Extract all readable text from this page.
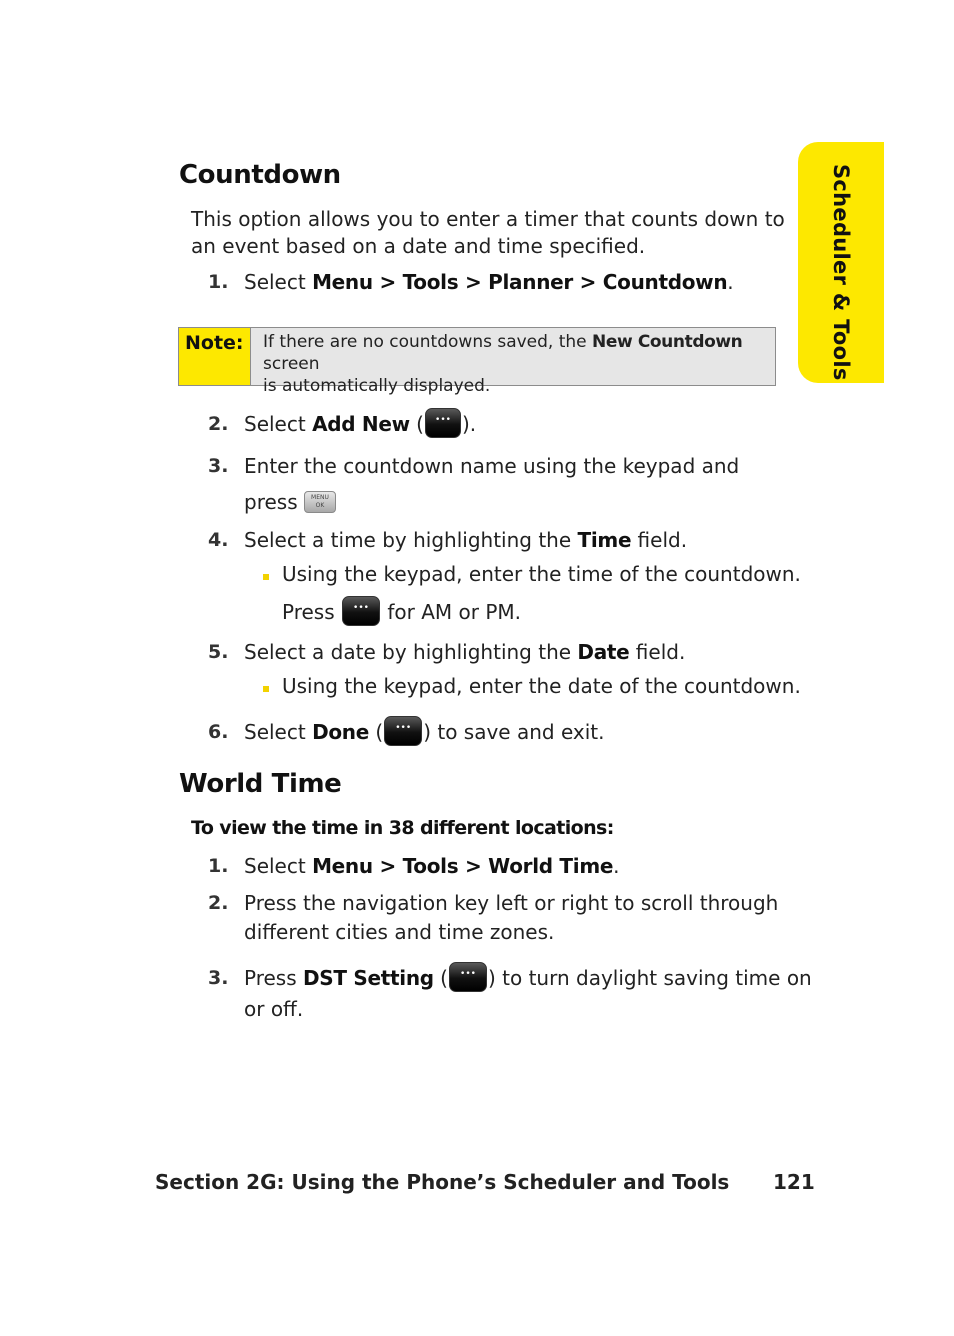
Scheduler & Tools
Countdown
This option allows you to enter a timer that counts down to
an event based on a date and time specified.
1. Select Menu > Tools > Planner > Countdown.
Note:	If there are no countdowns saved, the New Countdown screen
is automatically displayed.
2. Select Add New ( ••• ).
3. Enter the countdown name using the keypad and
press MENU
OK
4. Select a time by highlighting the Time field.
Using the keypad, enter the time of the countdown.
Press ••• for AM or PM.
5. Select a date by highlighting the Date field.
Using the keypad, enter the date of the countdown.
6. Select Done ( ••• ) to save and exit.
World Time
To view the time in 38 different locations:
1. Select Menu > Tools > World Time.
2. Press the navigation key left or right to scroll through
different cities and time zones.
3. Press DST Setting ( ••• ) to turn daylight saving time on
or off.
Section 2G: Using the Phone’s Scheduler and Tools 121
